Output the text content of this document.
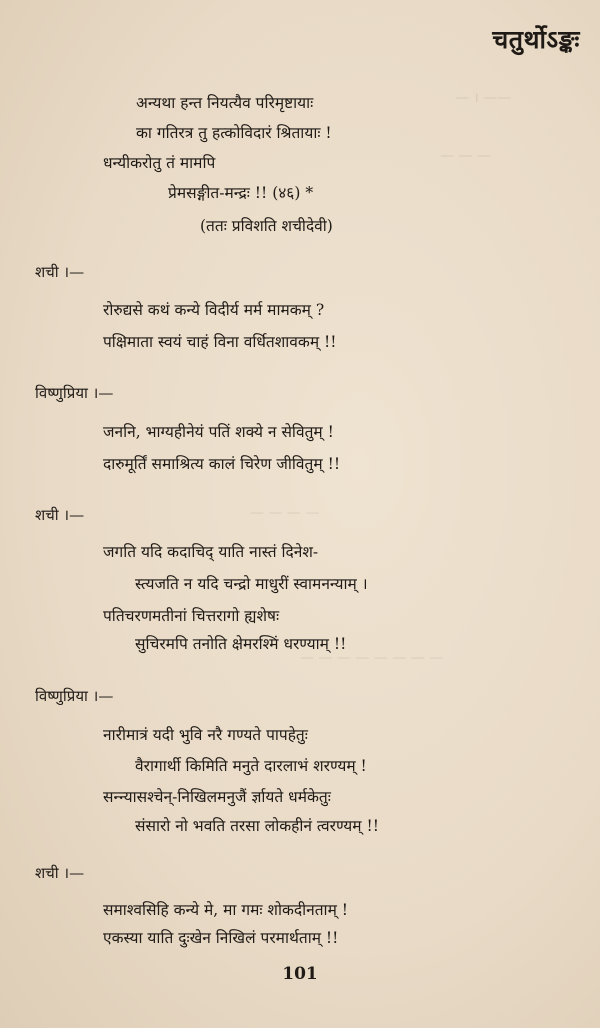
— । ——
— — —
— — — —
— — — — — — — —
चतुर्थोऽङ्कः
अन्यथा हन्त नियत्यैव परिमृष्टायाः
का गतिरत्र तु हत्कोविदारं श्रितायाः !
धन्यीकरोतु तं मामपि
प्रेमसङ्गीत-मन्द्रः !! (४६) *
(ततः प्रविशति शचीदेवी)
शची ।—
रोरुद्यसे कथं कन्ये विदीर्य मर्म मामकम् ?
पक्षिमाता स्वयं चाहं विना वर्धितशावकम् !!
विष्णुप्रिया ।—
जननि, भाग्यहीनेयं पतिं शक्ये न सेवितुम् !
दारुमूर्तिं समाश्रित्य कालं चिरेण जीवितुम् !!
शची ।—
जगति यदि कदाचिद् याति नास्तं दिनेश-
स्त्यजति न यदि चन्द्रो माधुरीं स्वामनन्याम् ।
पतिचरणमतीनां चित्तरागो ह्यशेषः
सुचिरमपि तनोति क्षेमरश्मिं धरण्याम् !!
विष्णुप्रिया ।—
नारीमात्रं यदी भुवि नरै गण्यते पापहेतुः
वैरागार्थी किमिति मनुते दारलाभं शरण्यम् !
सन्न्यासश्चेन्-निखिलमनुजैं र्ज्ञायते धर्मकेतुः
संसारो नो भवति तरसा लोकहीनं त्वरण्यम् !!
शची ।—
समाश्वसिहि कन्ये मे, मा गमः शोकदीनताम् !
एकस्या याति दुःखेन निखिलं परमार्थताम् !!
101
